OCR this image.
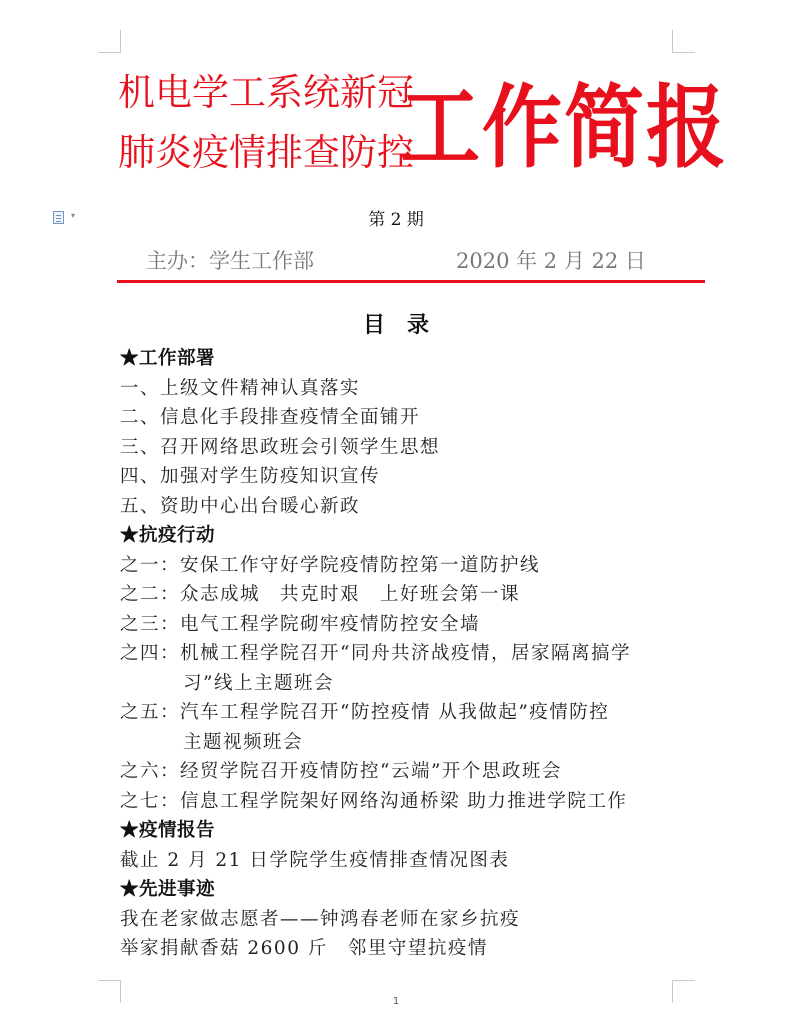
▾
机电学工系统新冠
肺炎疫情排查防控
工作简报
第 2 期
主办：学生工作部	2020 年 2 月 22 日
目录
★工作部署
一、上级文件精神认真落实
二、信息化手段排查疫情全面铺开
三、召开网络思政班会引领学生思想
四、加强对学生防疫知识宣传
五、资助中心出台暖心新政
★抗疫行动
之一：安保工作守好学院疫情防控第一道防护线
之二：众志成城　共克时艰　上好班会第一课
之三：电气工程学院砌牢疫情防控安全墙
之四：机械工程学院召开“同舟共济战疫情，居家隔离搞学
习”线上主题班会
之五：汽车工程学院召开“防控疫情 从我做起”疫情防控
主题视频班会
之六：经贸学院召开疫情防控“云端”开个思政班会
之七：信息工程学院架好网络沟通桥梁 助力推进学院工作
★疫情报告
截止 2 月 21 日学院学生疫情排查情况图表
★先进事迹
我在老家做志愿者——钟鸿春老师在家乡抗疫
举家捐献香菇 2600 斤　邻里守望抗疫情
1
